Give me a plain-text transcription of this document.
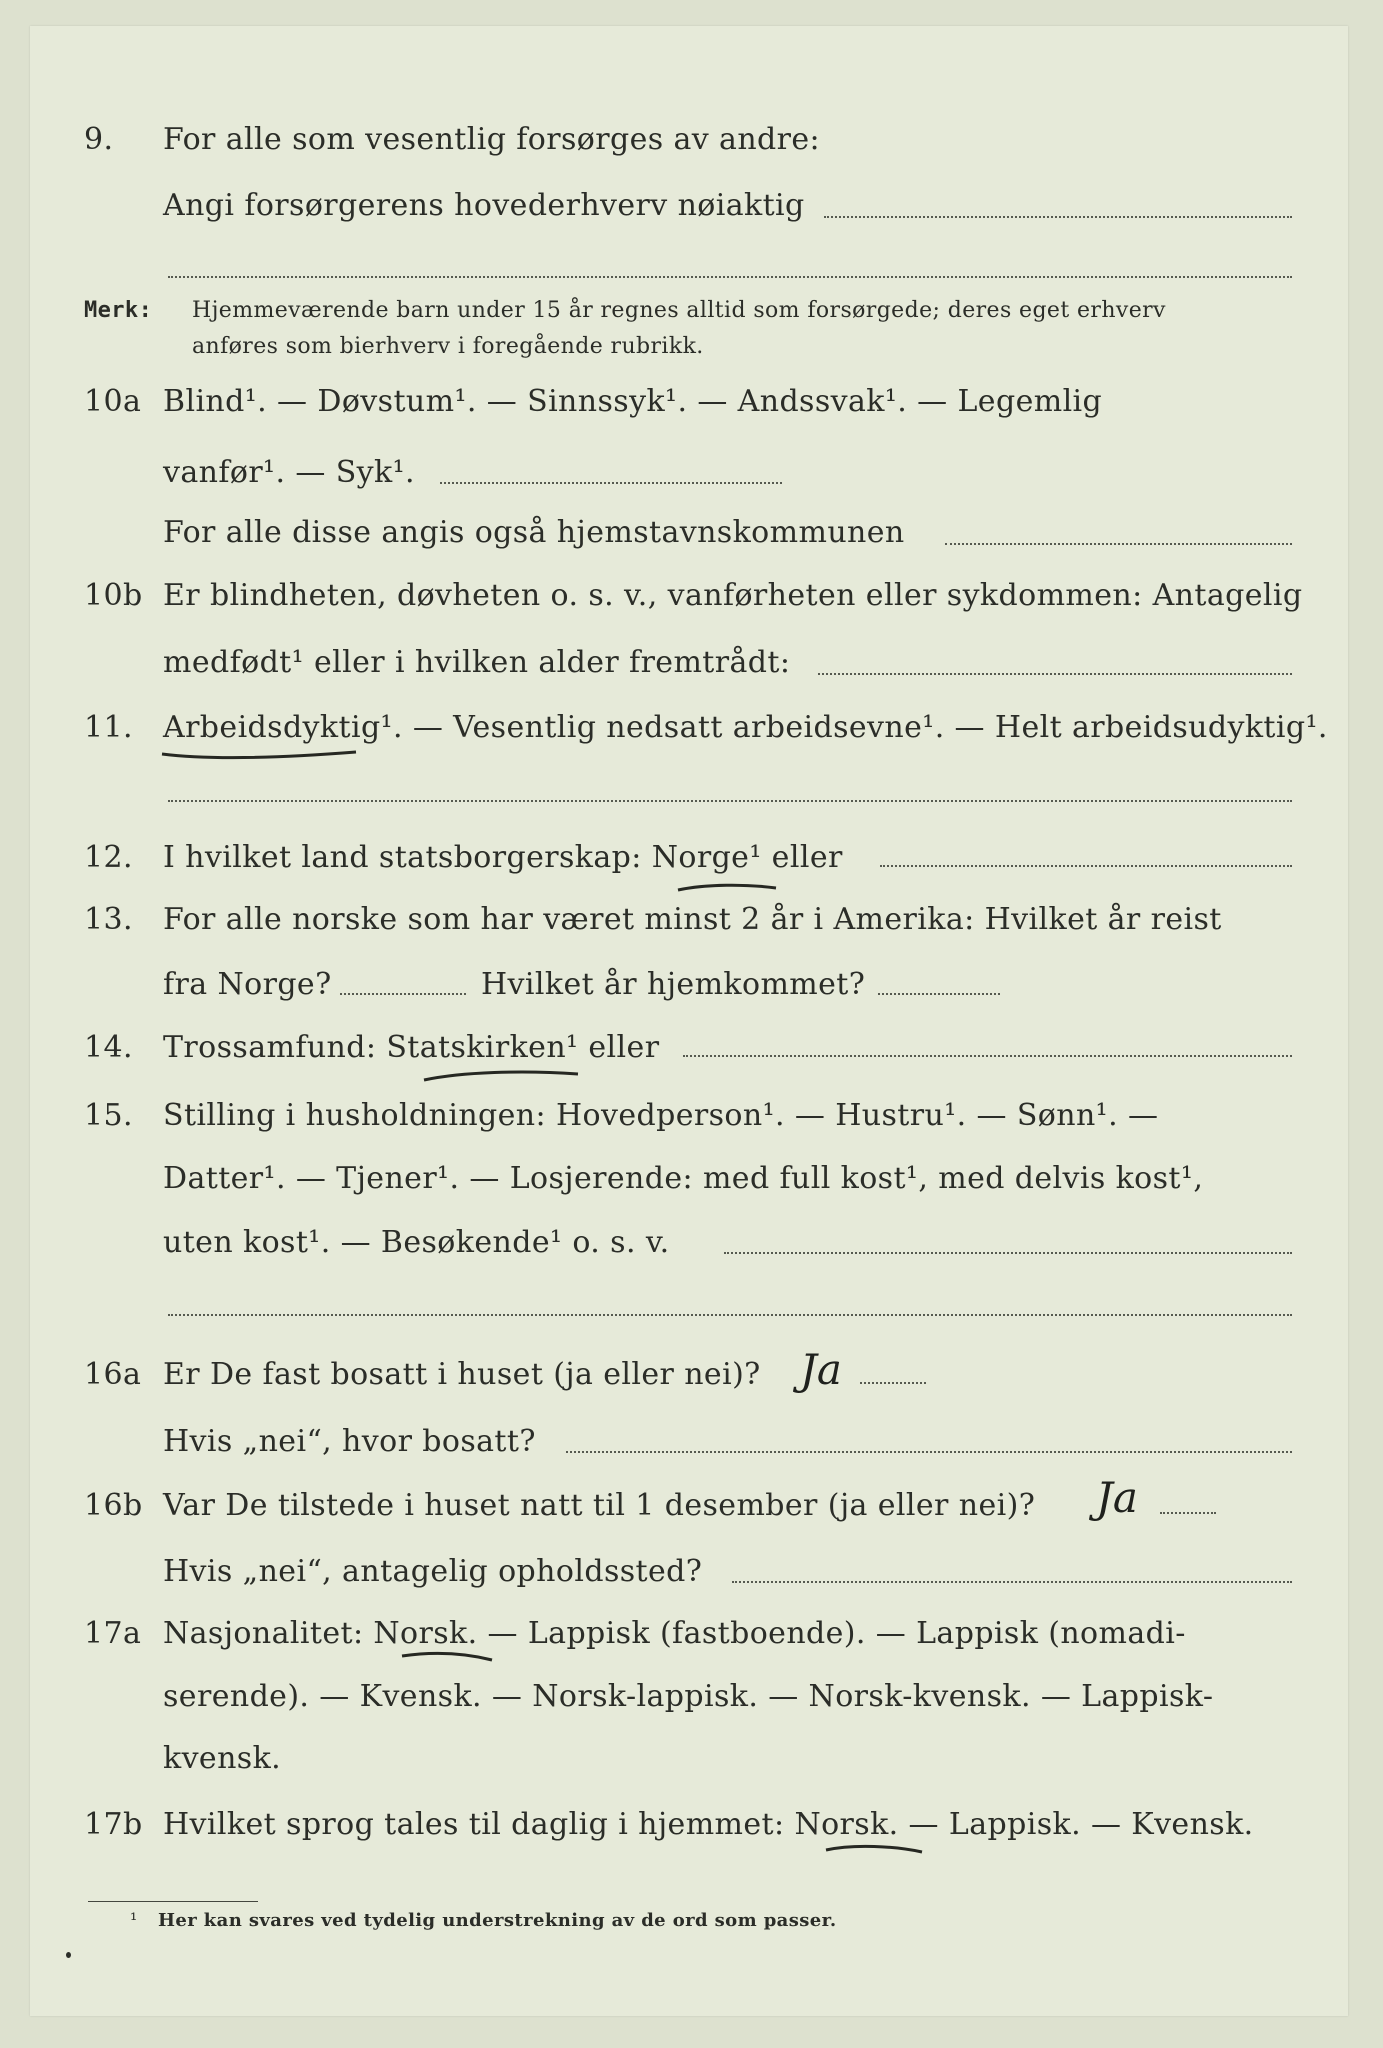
9. For alle som vesentlig forsørges av andre:
Angi forsørgerens hovederhverv nøiaktig
Merk: Hjemmeværende barn under 15 år regnes alltid som forsørgede; deres eget erhverv
anføres som bierhverv i foregående rubrikk.
10a Blind¹. — Døvstum¹. — Sinnssyk¹. — Andssvak¹. — Legemlig
vanfør¹. — Syk¹.
For alle disse angis også hjemstavnskommunen
10b Er blindheten, døvheten o. s. v., vanførheten eller sykdommen: Antagelig
medfødt¹ eller i hvilken alder fremtrådt:
11. Arbeidsdyktig¹. — Vesentlig nedsatt arbeidsevne¹. — Helt arbeidsudyktig¹.
12. I hvilket land statsborgerskap: Norge¹ eller
13. For alle norske som har været minst 2 år i Amerika: Hvilket år reist
fra Norge?	Hvilket år hjemkommet?
14. Trossamfund: Statskirken¹ eller
15. Stilling i husholdningen: Hovedperson¹. — Hustru¹. — Sønn¹. —
Datter¹. — Tjener¹. — Losjerende: med full kost¹, med delvis kost¹,
uten kost¹. — Besøkende¹ o. s. v.
16a Er De fast bosatt i huset (ja eller nei)? Ja
Hvis „nei“, hvor bosatt?
16b Var De tilstede i huset natt til 1 desember (ja eller nei)? Ja
Hvis „nei“, antagelig opholdssted?
17a Nasjonalitet: Norsk. — Lappisk (fastboende). — Lappisk (nomadi-
serende). — Kvensk. — Norsk-lappisk. — Norsk-kvensk. — Lappisk-
kvensk.
17b Hvilket sprog tales til daglig i hjemmet: Norsk. — Lappisk. — Kvensk.
¹ Her kan svares ved tydelig understrekning av de ord som passer.
